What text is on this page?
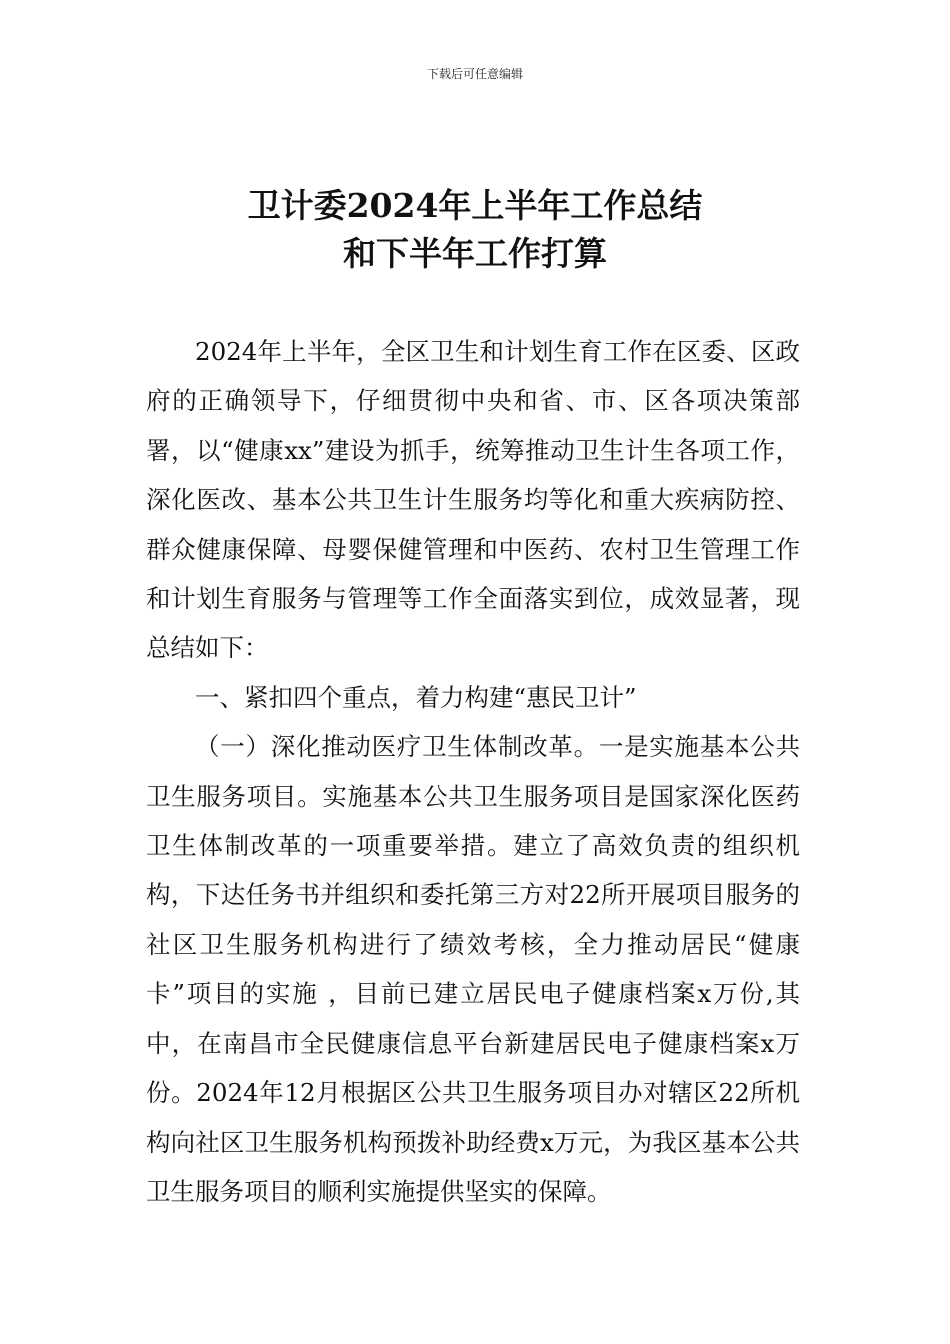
下载后可任意编辑
卫计委2024年上半年工作总结
和下半年工作打算

2024年上半年，全区卫生和计划生育工作在区委、区政府的正确领导下，仔细贯彻中央和省、市、区各项决策部署，以“健康xx”建设为抓手，统筹推动卫生计生各项工作，深化医改、基本公共卫生计生服务均等化和重大疾病防控、群众健康保障、母婴保健管理和中医药、农村卫生管理工作和计划生育服务与管理等工作全面落实到位，成效显著，现总结如下：

一、紧扣四个重点，着力构建“惠民卫计”

（一）深化推动医疗卫生体制改革。一是实施基本公共卫生服务项目。实施基本公共卫生服务项目是国家深化医药卫生体制改革的一项重要举措。建立了高效负责的组织机构，下达任务书并组织和委托第三方对22所开展项目服务的社区卫生服务机构进行了绩效考核，全力推动居民“健康卡”项目的实施 ，目前已建立居民电子健康档案x万份,其中，在南昌市全民健康信息平台新建居民电子健康档案x万份。2024年12月根据区公共卫生服务项目办对辖区22所机构向社区卫生服务机构预拨补助经费x万元，为我区基本公共卫生服务项目的顺利实施提供坚实的保障。
